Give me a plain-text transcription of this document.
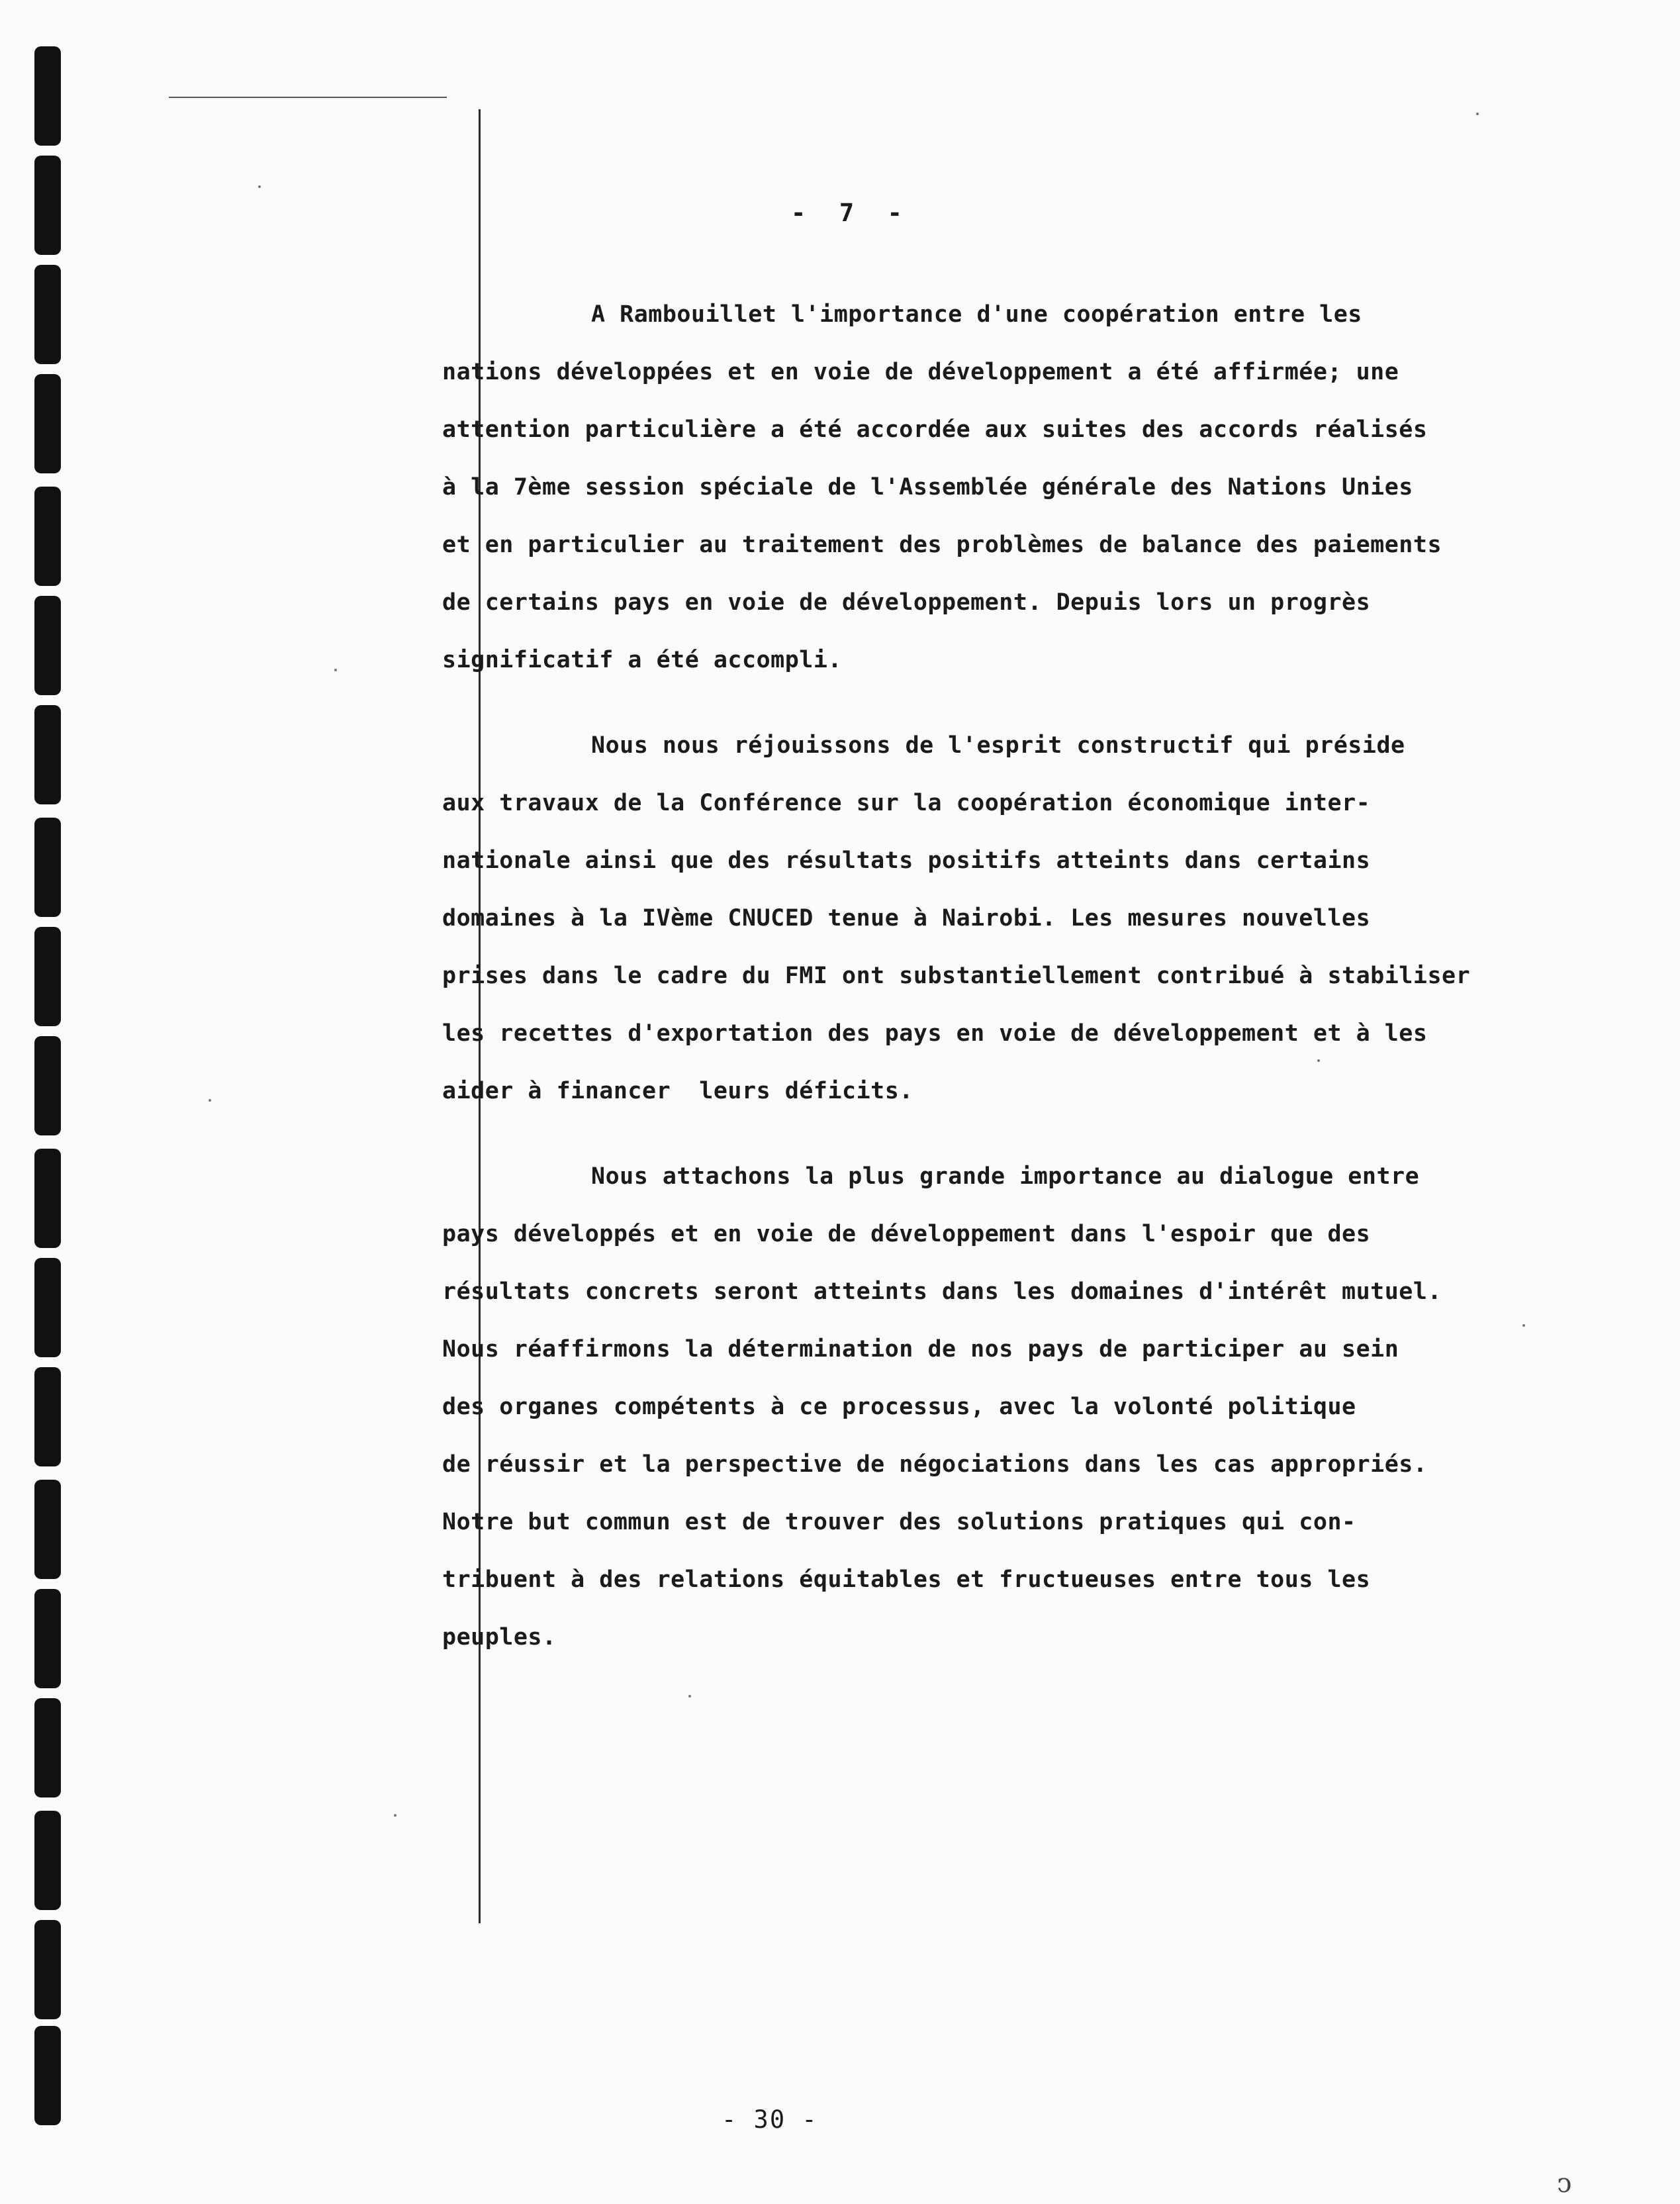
-  7  -
A Rambouillet l'importance d'une coopération entre les
nations développées et en voie de développement a été affirmée; une
attention particulière a été accordée aux suites des accords réalisés
à la 7ème session spéciale de l'Assemblée générale des Nations Unies
et en particulier au traitement des problèmes de balance des paiements
de certains pays en voie de développement. Depuis lors un progrès
significatif a été accompli.
Nous nous réjouissons de l'esprit constructif qui préside
aux travaux de la Conférence sur la coopération économique inter-
nationale ainsi que des résultats positifs atteints dans certains
domaines à la IVème CNUCED tenue à Nairobi. Les mesures nouvelles
prises dans le cadre du FMI ont substantiellement contribué à stabiliser
les recettes d'exportation des pays en voie de développement et à les
aider à financer  leurs déficits.
Nous attachons la plus grande importance au dialogue entre
pays développés et en voie de développement dans l'espoir que des
résultats concrets seront atteints dans les domaines d'intérêt mutuel.
Nous réaffirmons la détermination de nos pays de participer au sein
des organes compétents à ce processus, avec la volonté politique
de réussir et la perspective de négociations dans les cas appropriés.
Notre but commun est de trouver des solutions pratiques qui con-
tribuent à des relations équitables et fructueuses entre tous les
peuples.
- 30 -
ↄ
